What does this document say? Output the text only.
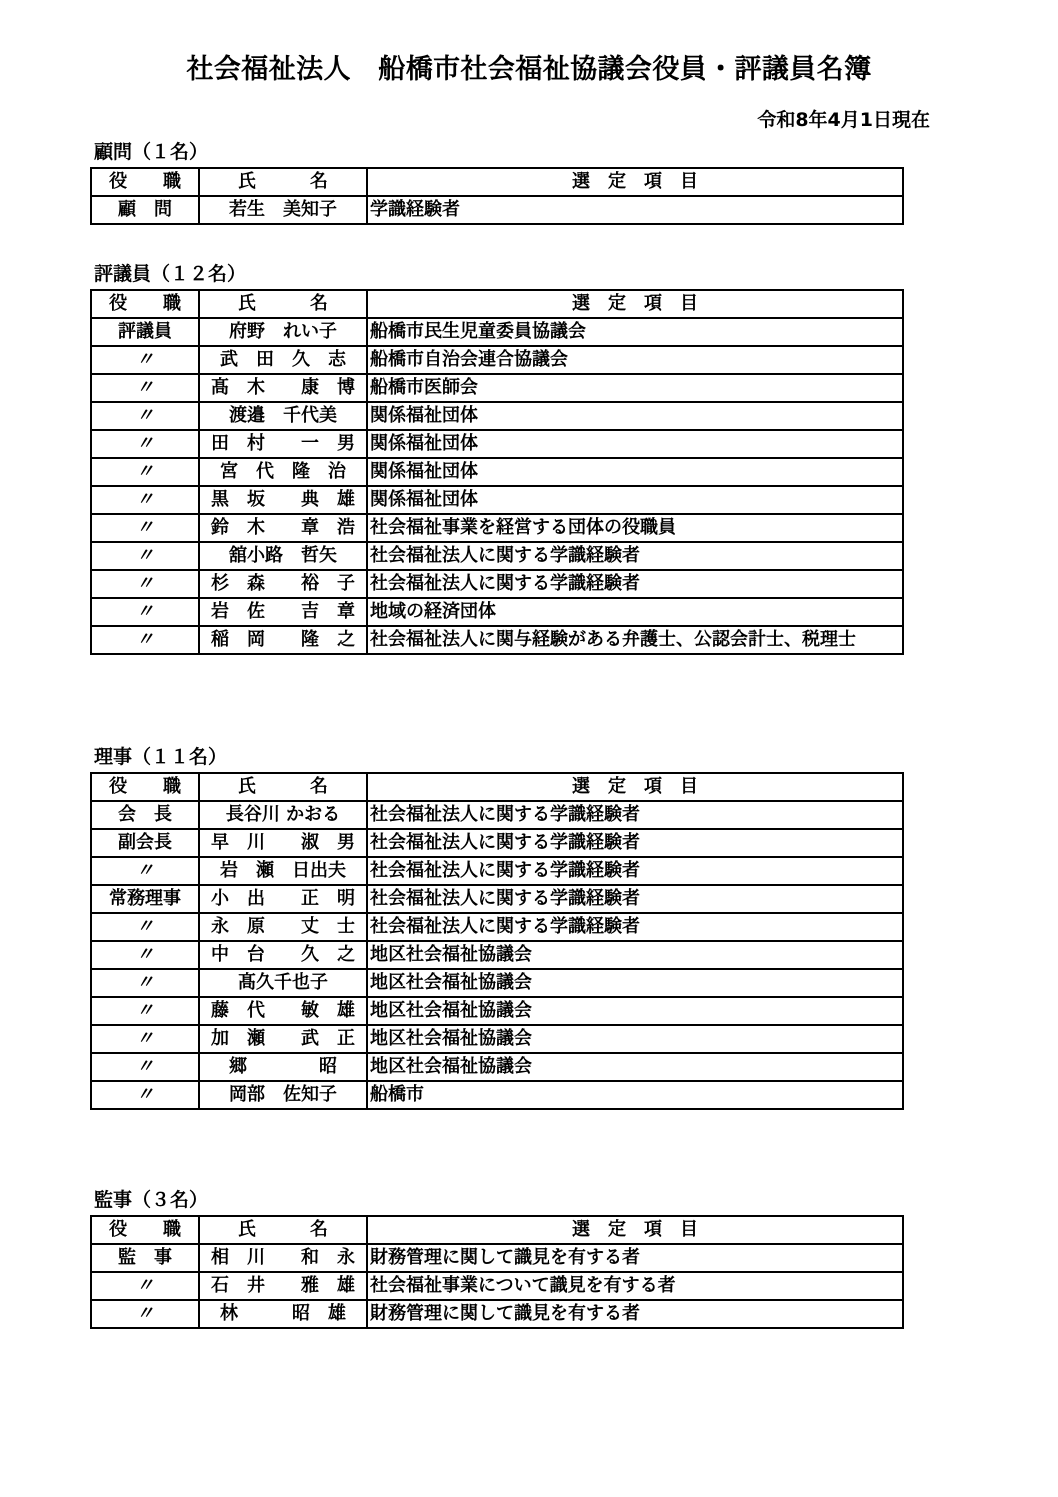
社会福祉法人　船橋市社会福祉協議会役員・評議員名簿
令和8年4月1日現在
顧問（１名）
役　　職	氏　　　名	選　定　項　目
顧　問	若生　美知子	学識経験者
評議員（１２名）
役　　職	氏　　　名	選　定　項　目
評議員	府野　れい子	船橋市民生児童委員協議会
〃	武　田　久　志	船橋市自治会連合協議会
〃	髙　木　　康　博	船橋市医師会
〃	渡邉　千代美	関係福祉団体
〃	田　村　　一　男	関係福祉団体
〃	宮　代　隆　治	関係福祉団体
〃	黒　坂　　典　雄	関係福祉団体
〃	鈴　木　　章　浩	社会福祉事業を経営する団体の役職員
〃	舘小路　哲矢	社会福祉法人に関する学識経験者
〃	杉　森　　裕　子	社会福祉法人に関する学識経験者
〃	岩　佐　　吉　章	地域の経済団体
〃	稲　岡　　隆　之	社会福祉法人に関与経験がある弁護士、公認会計士、税理士
理事（１１名）
役　　職	氏　　　名	選　定　項　目
会　長	長谷川 かおる	社会福祉法人に関する学識経験者
副会長	早　川　　淑　男	社会福祉法人に関する学識経験者
〃	岩　瀬　日出夫	社会福祉法人に関する学識経験者
常務理事	小　出　　正　明	社会福祉法人に関する学識経験者
〃	永　原　　丈　士	社会福祉法人に関する学識経験者
〃	中　台　　久　之	地区社会福祉協議会
〃	髙久千也子	地区社会福祉協議会
〃	藤　代　　敏　雄	地区社会福祉協議会
〃	加　瀬　　武　正	地区社会福祉協議会
〃	郷　　　　昭	地区社会福祉協議会
〃	岡部　佐知子	船橋市
監事（３名）
役　　職	氏　　　名	選　定　項　目
監　事	相　川　　和　永	財務管理に関して識見を有する者
〃	石　井　　雅　雄	社会福祉事業について識見を有する者
〃	林　　　昭　雄	財務管理に関して識見を有する者
